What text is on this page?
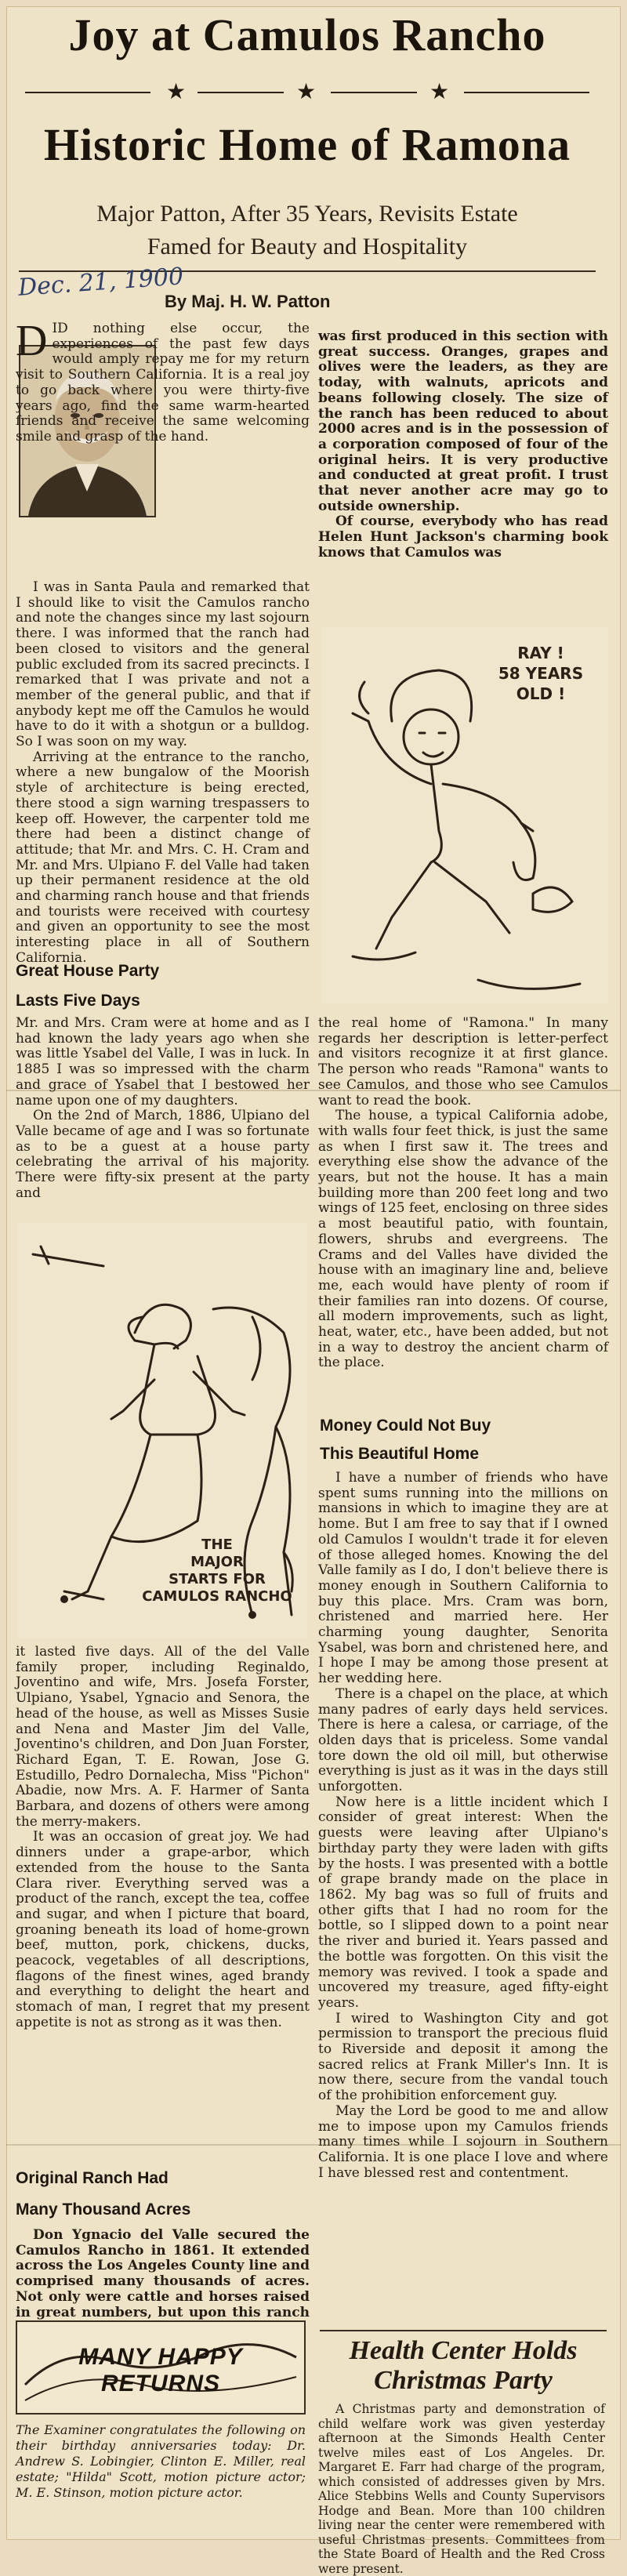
Joy at Camulos Rancho
★	★	★
Historic Home of Ramona
Major Patton, After 35 Years, Revisits Estate
Famed for Beauty and Hospitality
Dec. 21, 1900
By Maj. H. W. Patton

DID nothing else occur, the experiences of the past few days would amply repay me for my return visit to Southern California. It is a real joy to go back where you were thirty-five years ago, find the same warm-hearted friends and receive the same welcoming smile and grasp of the hand.

I was in Santa Paula and remarked that I should like to visit the Camulos rancho and note the changes since my last sojourn there. I was informed that the ranch had been closed to visitors and the general public excluded from its sacred precincts. I remarked that I was private and not a member of the general public, and that if anybody kept me off the Camulos he would have to do it with a shotgun or a bulldog. So I was soon on my way.

Arriving at the entrance to the rancho, where a new bungalow of the Moorish style of architecture is being erected, there stood a sign warning trespassers to keep off. However, the carpenter told me there had been a distinct change of attitude; that Mr. and Mrs. C. H. Cram and Mr. and Mrs. Ulpiano F. del Valle had taken up their permanent residence at the old and charming ranch house and that friends and tourists were received with courtesy and given an opportunity to see the most interesting place in all of Southern California.

Great House Party
Lasts Five Days

Mr. and Mrs. Cram were at home and as I had known the lady years ago when she was little Ysabel del Valle, I was in luck. In 1885 I was so impressed with the charm and grace of Ysabel that I bestowed her name upon one of my daughters.

On the 2nd of March, 1886, Ulpiano del Valle became of age and I was so fortunate as to be a guest at a house party celebrating the arrival of his majority. There were fifty-six present at the party and

THE
MAJOR
STARTS FOR
CAMULOS RANCHO

it lasted five days. All of the del Valle family proper, including Reginaldo, Joventino and wife, Mrs. Josefa Forster, Ulpiano, Ysabel, Ygnacio and Senora, the head of the house, as well as Misses Susie and Nena and Master Jim del Valle, Joventino's children, and Don Juan Forster, Richard Egan, T. E. Rowan, Jose G. Estudillo, Pedro Dornalecha, Miss "Pichon" Abadie, now Mrs. A. F. Harmer of Santa Barbara, and dozens of others were among the merry-makers.

It was an occasion of great joy. We had dinners under a grape-arbor, which extended from the house to the Santa Clara river. Everything served was a product of the ranch, except the tea, coffee and sugar, and when I picture that board, groaning beneath its load of home-grown beef, mutton, pork, chickens, ducks, peacock, vegetables of all descriptions, flagons of the finest wines, aged brandy and everything to delight the heart and stomach of man, I regret that my present appetite is not as strong as it was then.

Original Ranch Had
Many Thousand Acres

Don Ygnacio del Valle secured the Camulos Rancho in 1861. It extended across the Los Angeles County line and comprised many thousands of acres. Not only were cattle and horses raised in great numbers, but upon this ranch

MANY HAPPY RETURNS
The Examiner congratulates the following on their birthday anniversaries today: Dr. Andrew S. Lobingier, Clinton E. Miller, real estate; "Hilda" Scott, motion picture actor; M. E. Stinson, motion picture actor.

was first produced in this section with great success. Oranges, grapes and olives were the leaders, as they are today, with walnuts, apricots and beans following closely. The size of the ranch has been reduced to about 2000 acres and is in the possession of a corporation composed of four of the original heirs. It is very productive and conducted at great profit. I trust that never another acre may go to outside ownership.

Of course, everybody who has read Helen Hunt Jackson's charming book knows that Camulos was

RAY !
58 YEARS
OLD !

the real home of "Ramona." In many regards her description is letter-perfect and visitors recognize it at first glance. The person who reads "Ramona" wants to see Camulos, and those who see Camulos want to read the book.

The house, a typical California adobe, with walls four feet thick, is just the same as when I first saw it. The trees and everything else show the advance of the years, but not the house. It has a main building more than 200 feet long and two wings of 125 feet, enclosing on three sides a most beautiful patio, with fountain, flowers, shrubs and evergreens. The Crams and del Valles have divided the house with an imaginary line and, believe me, each would have plenty of room if their families ran into dozens. Of course, all modern improvements, such as light, heat, water, etc., have been added, but not in a way to destroy the ancient charm of the place.

Money Could Not Buy
This Beautiful Home

I have a number of friends who have spent sums running into the millions on mansions in which to imagine they are at home. But I am free to say that if I owned old Camulos I wouldn't trade it for eleven of those alleged homes. Knowing the del Valle family as I do, I don't believe there is money enough in Southern California to buy this place. Mrs. Cram was born, christened and married here. Her charming young daughter, Senorita Ysabel, was born and christened here, and I hope I may be among those present at her wedding here.

There is a chapel on the place, at which many padres of early days held services. There is here a calesa, or carriage, of the olden days that is priceless. Some vandal tore down the old oil mill, but otherwise everything is just as it was in the days still unforgotten.

Now here is a little incident which I consider of great interest: When the guests were leaving after Ulpiano's birthday party they were laden with gifts by the hosts. I was presented with a bottle of grape brandy made on the place in 1862. My bag was so full of fruits and other gifts that I had no room for the bottle, so I slipped down to a point near the river and buried it. Years passed and the bottle was forgotten. On this visit the memory was revived. I took a spade and uncovered my treasure, aged fifty-eight years.

I wired to Washington City and got permission to transport the precious fluid to Riverside and deposit it among the sacred relics at Frank Miller's Inn. It is now there, secure from the vandal touch of the prohibition enforcement guy.

May the Lord be good to me and allow me to impose upon my Camulos friends many times while I sojourn in Southern California. It is one place I love and where I have blessed rest and contentment.

Health Center Holds
Christmas Party

A Christmas party and demonstration of child welfare work was given yesterday afternoon at the Simonds Health Center twelve miles east of Los Angeles. Dr. Margaret E. Farr had charge of the program, which consisted of addresses given by Mrs. Alice Stebbins Wells and County Supervisors Hodge and Bean. More than 100 children living near the center were remembered with useful Christmas presents. Committees from the State Board of Health and the Red Cross were present.
